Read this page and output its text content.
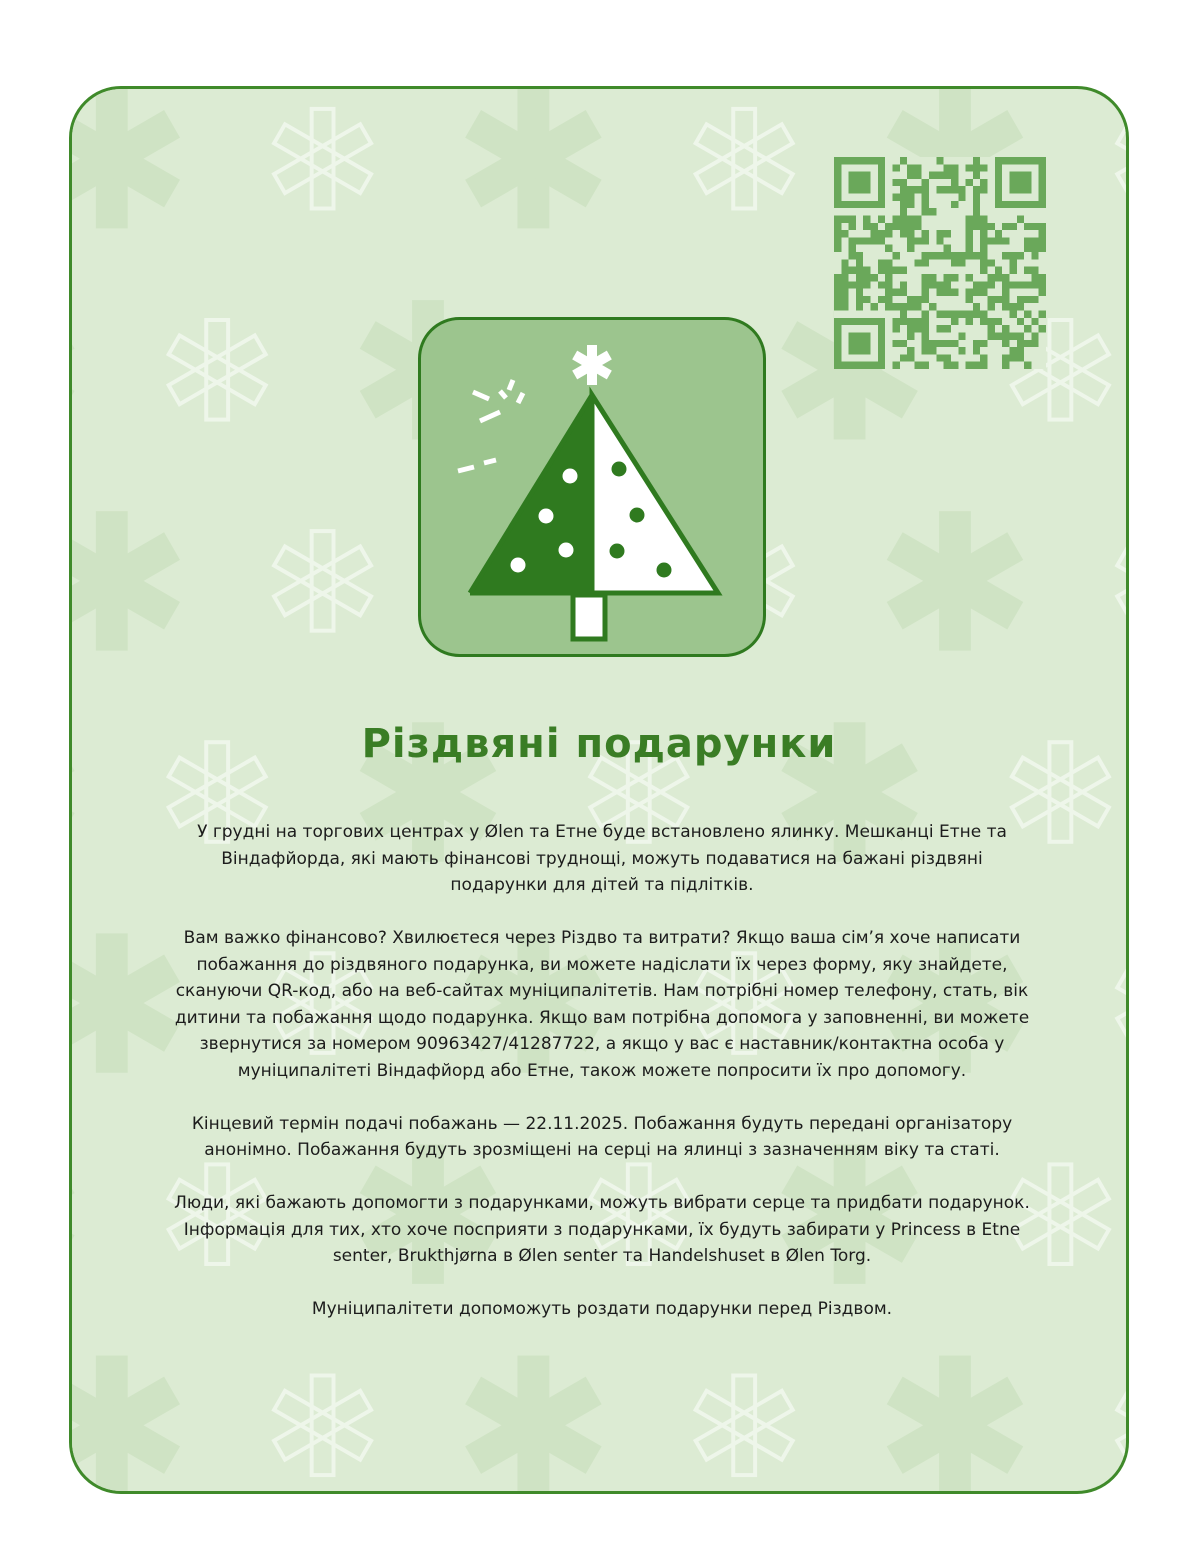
Різдвяні подарунки

У грудні на торгових центрах у Ølen та Етне буде встановлено ялинку. Мешканці Етне та Віндафйорда, які мають фінансові труднощі, можуть подаватися на бажані різдвяні подарунки для дітей та підлітків.

Вам важко фінансово? Хвилюєтеся через Різдво та витрати? Якщо ваша сім’я хоче написати побажання до різдвяного подарунка, ви можете надіслати їх через форму, яку знайдете, скануючи QR-код, або на веб-сайтах муніципалітетів. Нам потрібні номер телефону, стать, вік дитини та побажання щодо подарунка. Якщо вам потрібна допомога у заповненні, ви можете звернутися за номером 90963427/41287722, а якщо у вас є наставник/контактна особа у муніципалітеті Віндафйорд або Етне, також можете попросити їх про допомогу.

Кінцевий термін подачі побажань — 22.11.2025. Побажання будуть передані організатору анонімно. Побажання будуть зрозміщені на серці на ялинці з зазначенням віку та статі.

Люди, які бажають допомогти з подарунками, можуть вибрати серце та придбати подарунок. Інформація для тих, хто хоче посприяти з подарунками, їх будуть забирати у Princess в Etne senter, Brukthjørna в Ølen senter та Handelshuset в Ølen Torg.

Муніципалітети допоможуть роздати подарунки перед Різдвом.
